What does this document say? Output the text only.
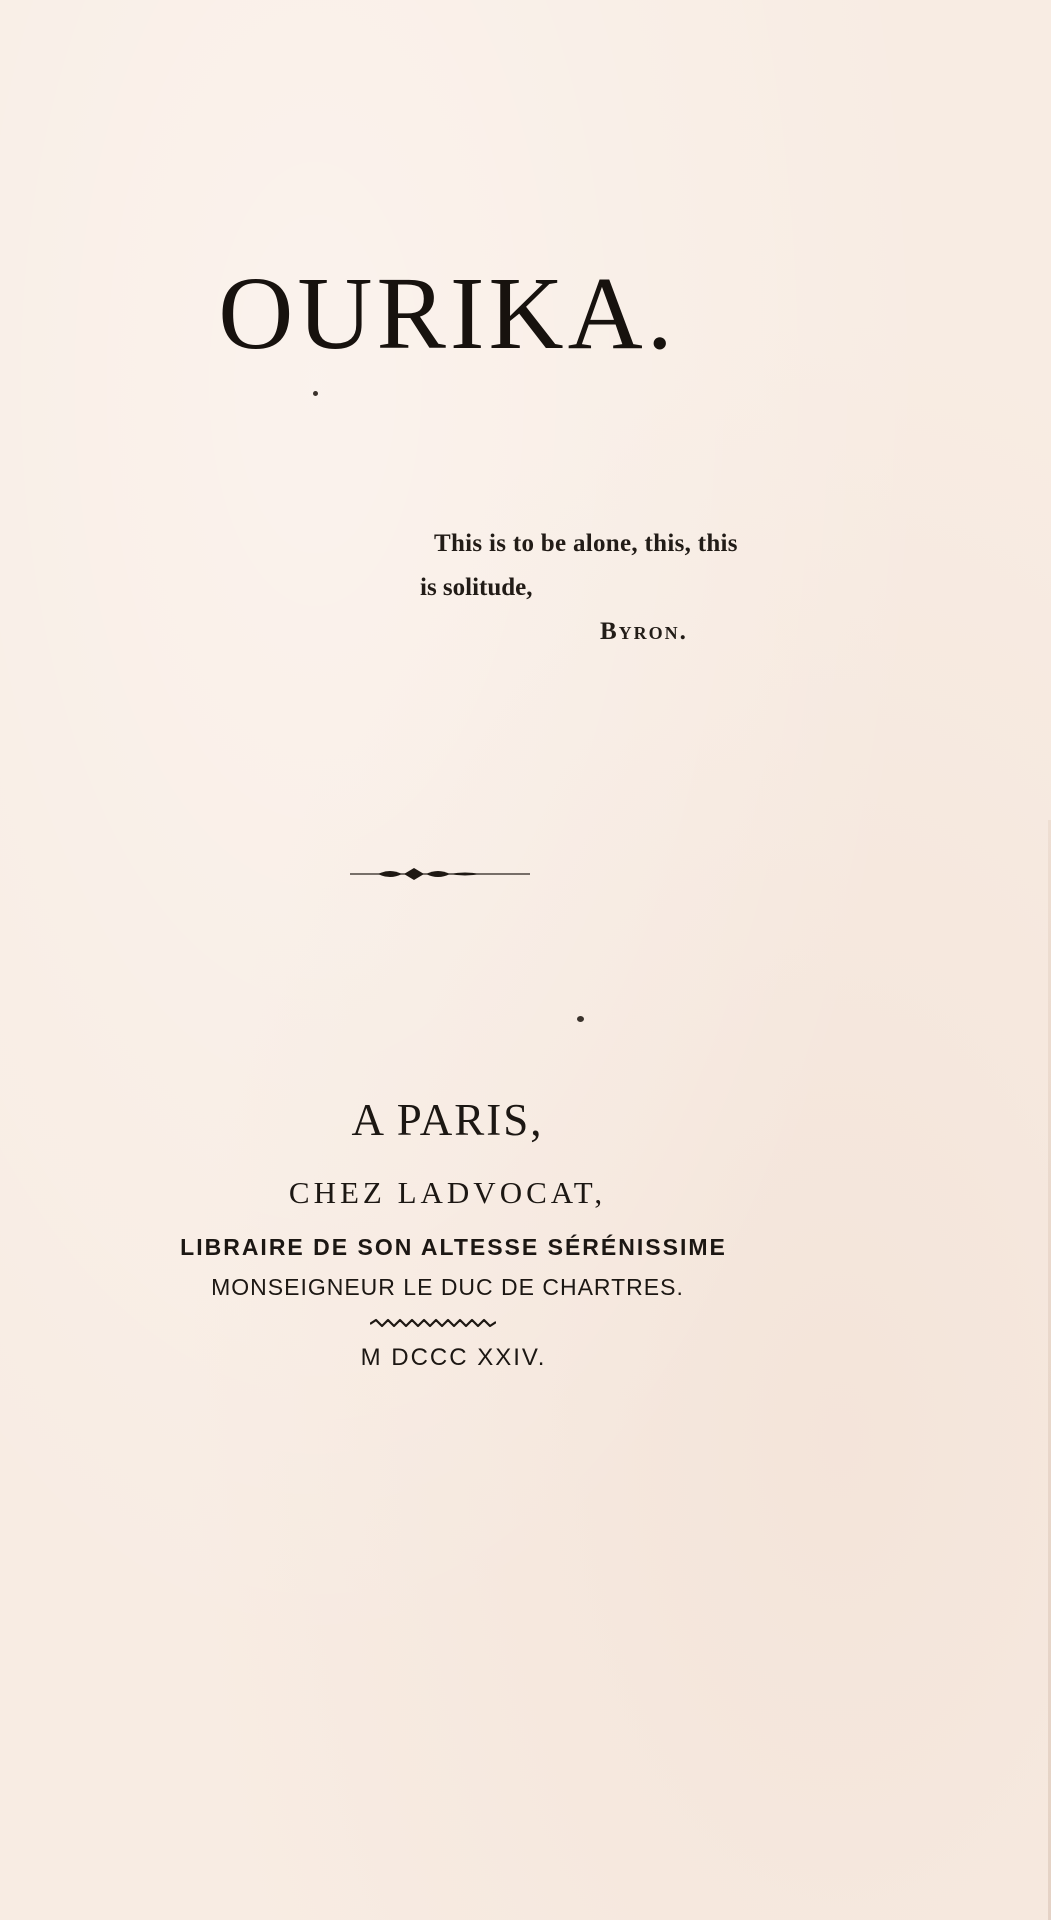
OURIKA.
This is to be alone, this, this
is solitude,
Byron.
A PARIS,
CHEZ LADVOCAT,
LIBRAIRE DE SON ALTESSE SÉRÉNISSIME
MONSEIGNEUR LE DUC DE CHARTRES.
M DCCC XXIV.
